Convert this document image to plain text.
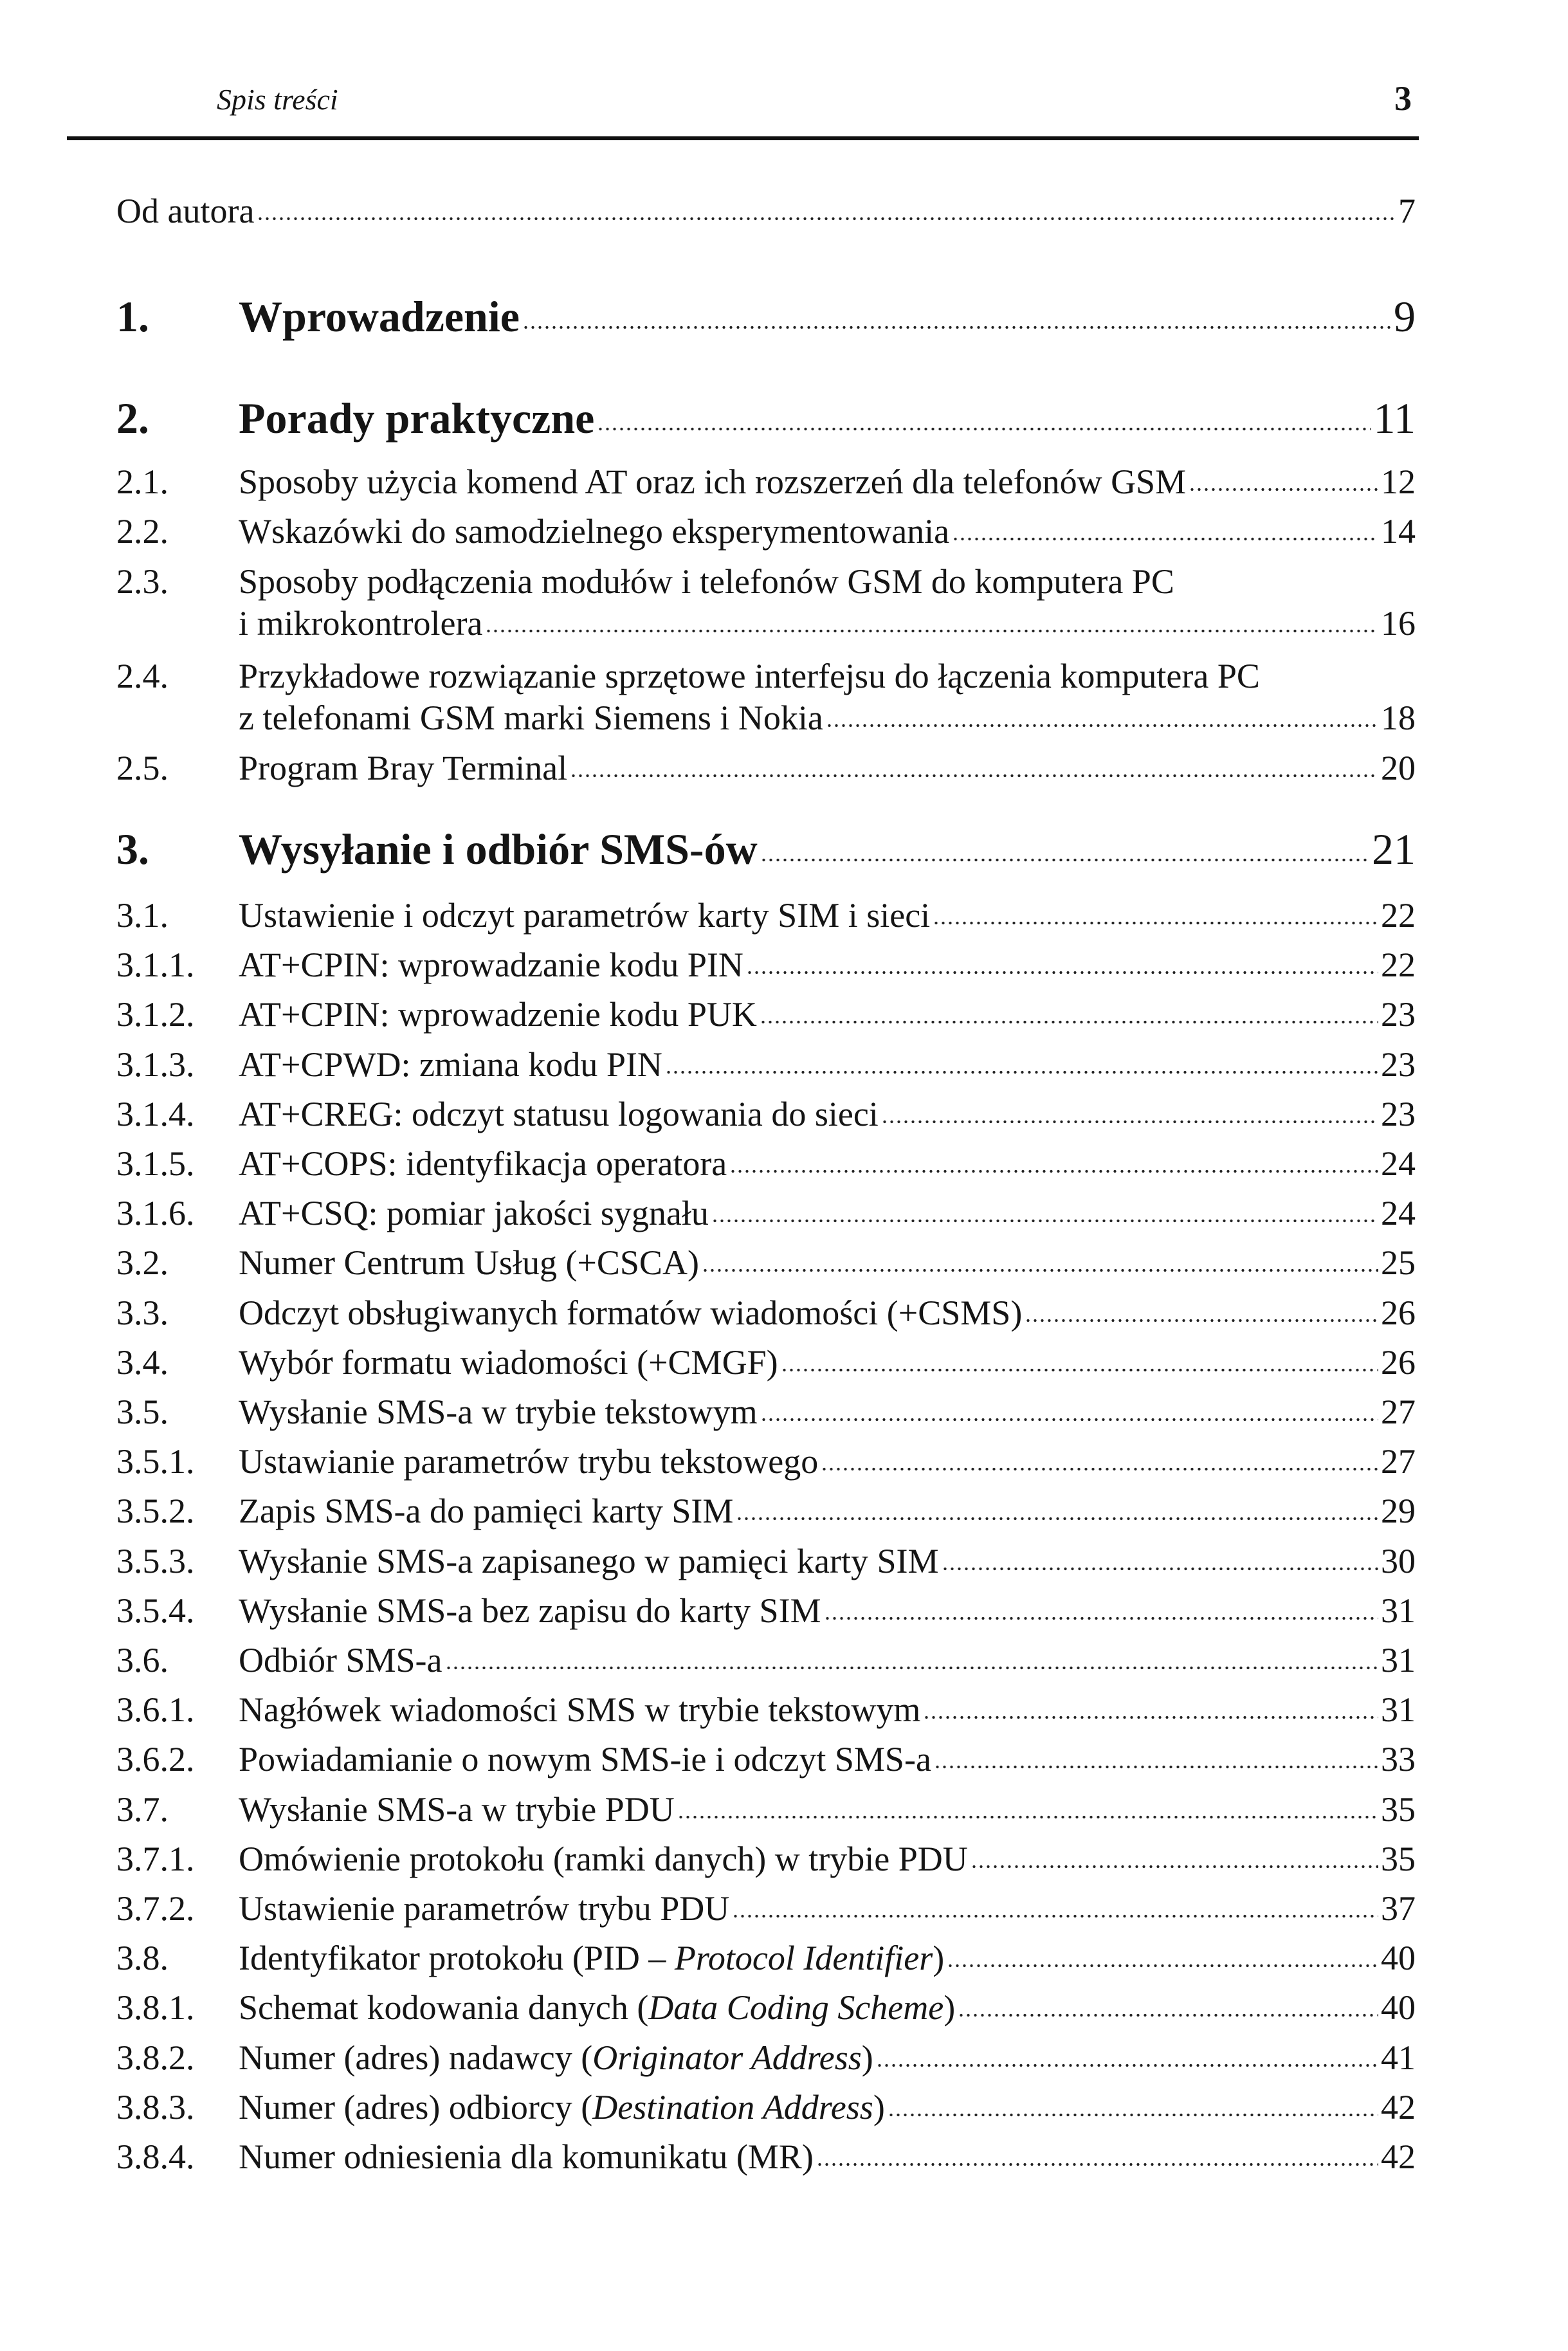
Spis treści	3
Od autora	7
1.	Wprowadzenie	9
2.	Porady praktyczne	11
2.1.	Sposoby użycia komend AT oraz ich rozszerzeń dla telefonów GSM	12
2.2.	Wskazówki do samodzielnego eksperymentowania	14
2.3.	Sposoby podłączenia modułów i telefonów GSM do komputera PC
i mikrokontrolera	16
2.4.	Przykładowe rozwiązanie sprzętowe interfejsu do łączenia komputera PC
z telefonami GSM marki Siemens i Nokia	18
2.5.	Program Bray Terminal	20
3.	Wysyłanie i odbiór SMS-ów	21
3.1.	Ustawienie i odczyt parametrów karty SIM i sieci	22
3.1.1.	AT+CPIN: wprowadzanie kodu PIN	22
3.1.2.	AT+CPIN: wprowadzenie kodu PUK	23
3.1.3.	AT+CPWD: zmiana kodu PIN	23
3.1.4.	AT+CREG: odczyt statusu logowania do sieci	23
3.1.5.	AT+COPS: identyfikacja operatora	24
3.1.6.	AT+CSQ: pomiar jakości sygnału	24
3.2.	Numer Centrum Usług (+CSCA)	25
3.3.	Odczyt obsługiwanych formatów wiadomości (+CSMS)	26
3.4.	Wybór formatu wiadomości (+CMGF)	26
3.5.	Wysłanie SMS-a w trybie tekstowym	27
3.5.1.	Ustawianie parametrów trybu tekstowego	27
3.5.2.	Zapis SMS-a do pamięci karty SIM	29
3.5.3.	Wysłanie SMS-a zapisanego w pamięci karty SIM	30
3.5.4.	Wysłanie SMS-a bez zapisu do karty SIM	31
3.6.	Odbiór SMS-a	31
3.6.1.	Nagłówek wiadomości SMS w trybie tekstowym	31
3.6.2.	Powiadamianie o nowym SMS-ie i odczyt SMS-a	33
3.7.	Wysłanie SMS-a w trybie PDU	35
3.7.1.	Omówienie protokołu (ramki danych) w trybie PDU	35
3.7.2.	Ustawienie parametrów trybu PDU	37
3.8.	Identyfikator protokołu (PID – Protocol Identifier)	40
3.8.1.	Schemat kodowania danych (Data Coding Scheme)	40
3.8.2.	Numer (adres) nadawcy (Originator Address)	41
3.8.3.	Numer (adres) odbiorcy (Destination Address)	42
3.8.4.	Numer odniesienia dla komunikatu (MR)	42
